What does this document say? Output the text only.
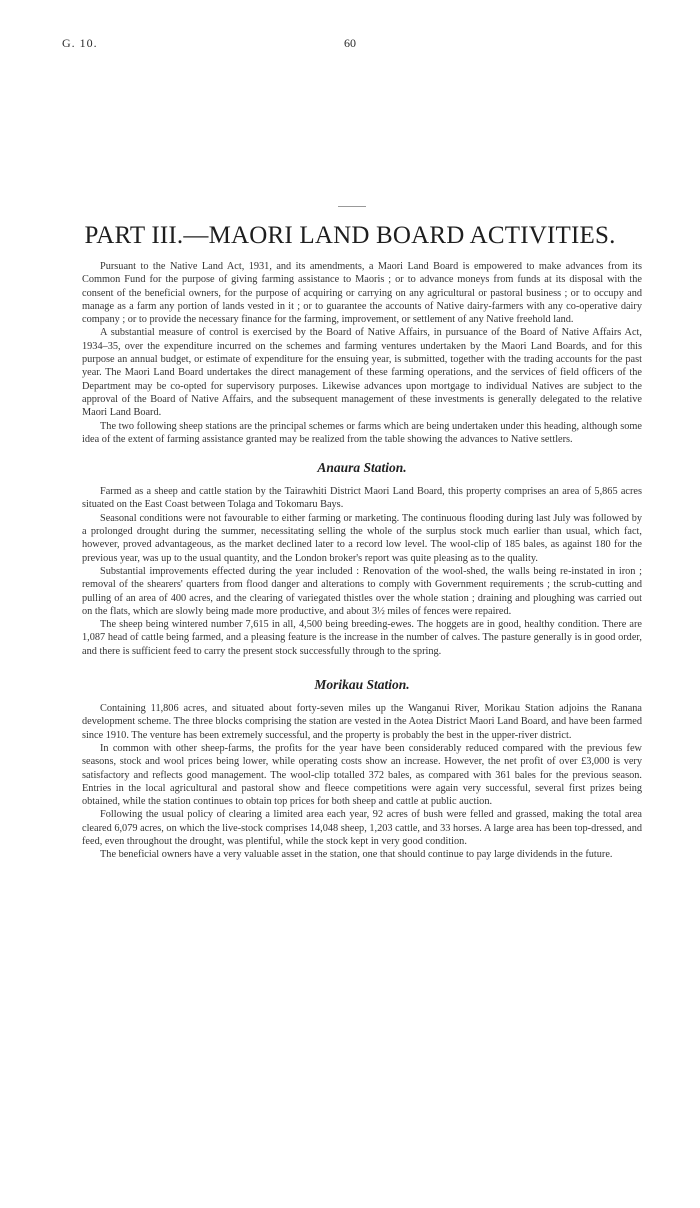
G. 10.	60
PART III.—MAORI LAND BOARD ACTIVITIES.

Pursuant to the Native Land Act, 1931, and its amendments, a Maori Land Board is empowered to make advances from its Common Fund for the purpose of giving farming assistance to Maoris ; or to advance moneys from funds at its disposal with the consent of the beneficial owners, for the purpose of acquiring or carrying on any agricultural or pastoral business ; or to occupy and manage as a farm any portion of lands vested in it ; or to guarantee the accounts of Native dairy-farmers with any co-operative dairy company ; or to provide the necessary finance for the farming, improvement, or settlement of any Native freehold land.

A substantial measure of control is exercised by the Board of Native Affairs, in pursuance of the Board of Native Affairs Act, 1934–35, over the expenditure incurred on the schemes and farming ventures undertaken by the Maori Land Boards, and for this purpose an annual budget, or estimate of expenditure for the ensuing year, is submitted, together with the trading accounts for the past year. The Maori Land Board undertakes the direct management of these farming operations, and the services of field officers of the Department may be co-opted for supervisory purposes. Likewise advances upon mortgage to individual Natives are subject to the approval of the Board of Native Affairs, and the subsequent management of these investments is generally delegated to the relative Maori Land Board.

The two following sheep stations are the principal schemes or farms which are being undertaken under this heading, although some idea of the extent of farming assistance granted may be realized from the table showing the advances to Native settlers.

Anaura Station.

Farmed as a sheep and cattle station by the Tairawhiti District Maori Land Board, this property comprises an area of 5,865 acres situated on the East Coast between Tolaga and Tokomaru Bays.

Seasonal conditions were not favourable to either farming or marketing. The continuous flooding during last July was followed by a prolonged drought during the summer, necessitating selling the whole of the surplus stock much earlier than usual, which fact, however, proved advantageous, as the market declined later to a record low level. The wool-clip of 185 bales, as against 180 for the previous year, was up to the usual quantity, and the London broker's report was quite pleasing as to the quality.

Substantial improvements effected during the year included : Renovation of the wool-shed, the walls being re-instated in iron ; removal of the shearers' quarters from flood danger and alterations to comply with Government requirements ; the scrub-cutting and pulling of an area of 400 acres, and the clearing of variegated thistles over the whole station ; draining and ploughing was carried out on the flats, which are slowly being made more productive, and about 3½ miles of fences were repaired.

The sheep being wintered number 7,615 in all, 4,500 being breeding-ewes. The hoggets are in good, healthy condition. There are 1,087 head of cattle being farmed, and a pleasing feature is the increase in the number of calves. The pasture generally is in good order, and there is sufficient feed to carry the present stock successfully through to the spring.

Morikau Station.

Containing 11,806 acres, and situated about forty-seven miles up the Wanganui River, Morikau Station adjoins the Ranana development scheme. The three blocks comprising the station are vested in the Aotea District Maori Land Board, and have been farmed since 1910. The venture has been extremely successful, and the property is probably the best in the upper-river district.

In common with other sheep-farms, the profits for the year have been considerably reduced compared with the previous few seasons, stock and wool prices being lower, while operating costs show an increase. However, the net profit of over £3,000 is very satisfactory and reflects good management. The wool-clip totalled 372 bales, as compared with 361 bales for the previous season. Entries in the local agricultural and pastoral show and fleece competitions were again very successful, several first prizes being obtained, while the station continues to obtain top prices for both sheep and cattle at public auction.

Following the usual policy of clearing a limited area each year, 92 acres of bush were felled and grassed, making the total area cleared 6,079 acres, on which the live-stock comprises 14,048 sheep, 1,203 cattle, and 33 horses. A large area has been top-dressed, and feed, even throughout the drought, was plentiful, while the stock kept in very good condition.

The beneficial owners have a very valuable asset in the station, one that should continue to pay large dividends in the future.
